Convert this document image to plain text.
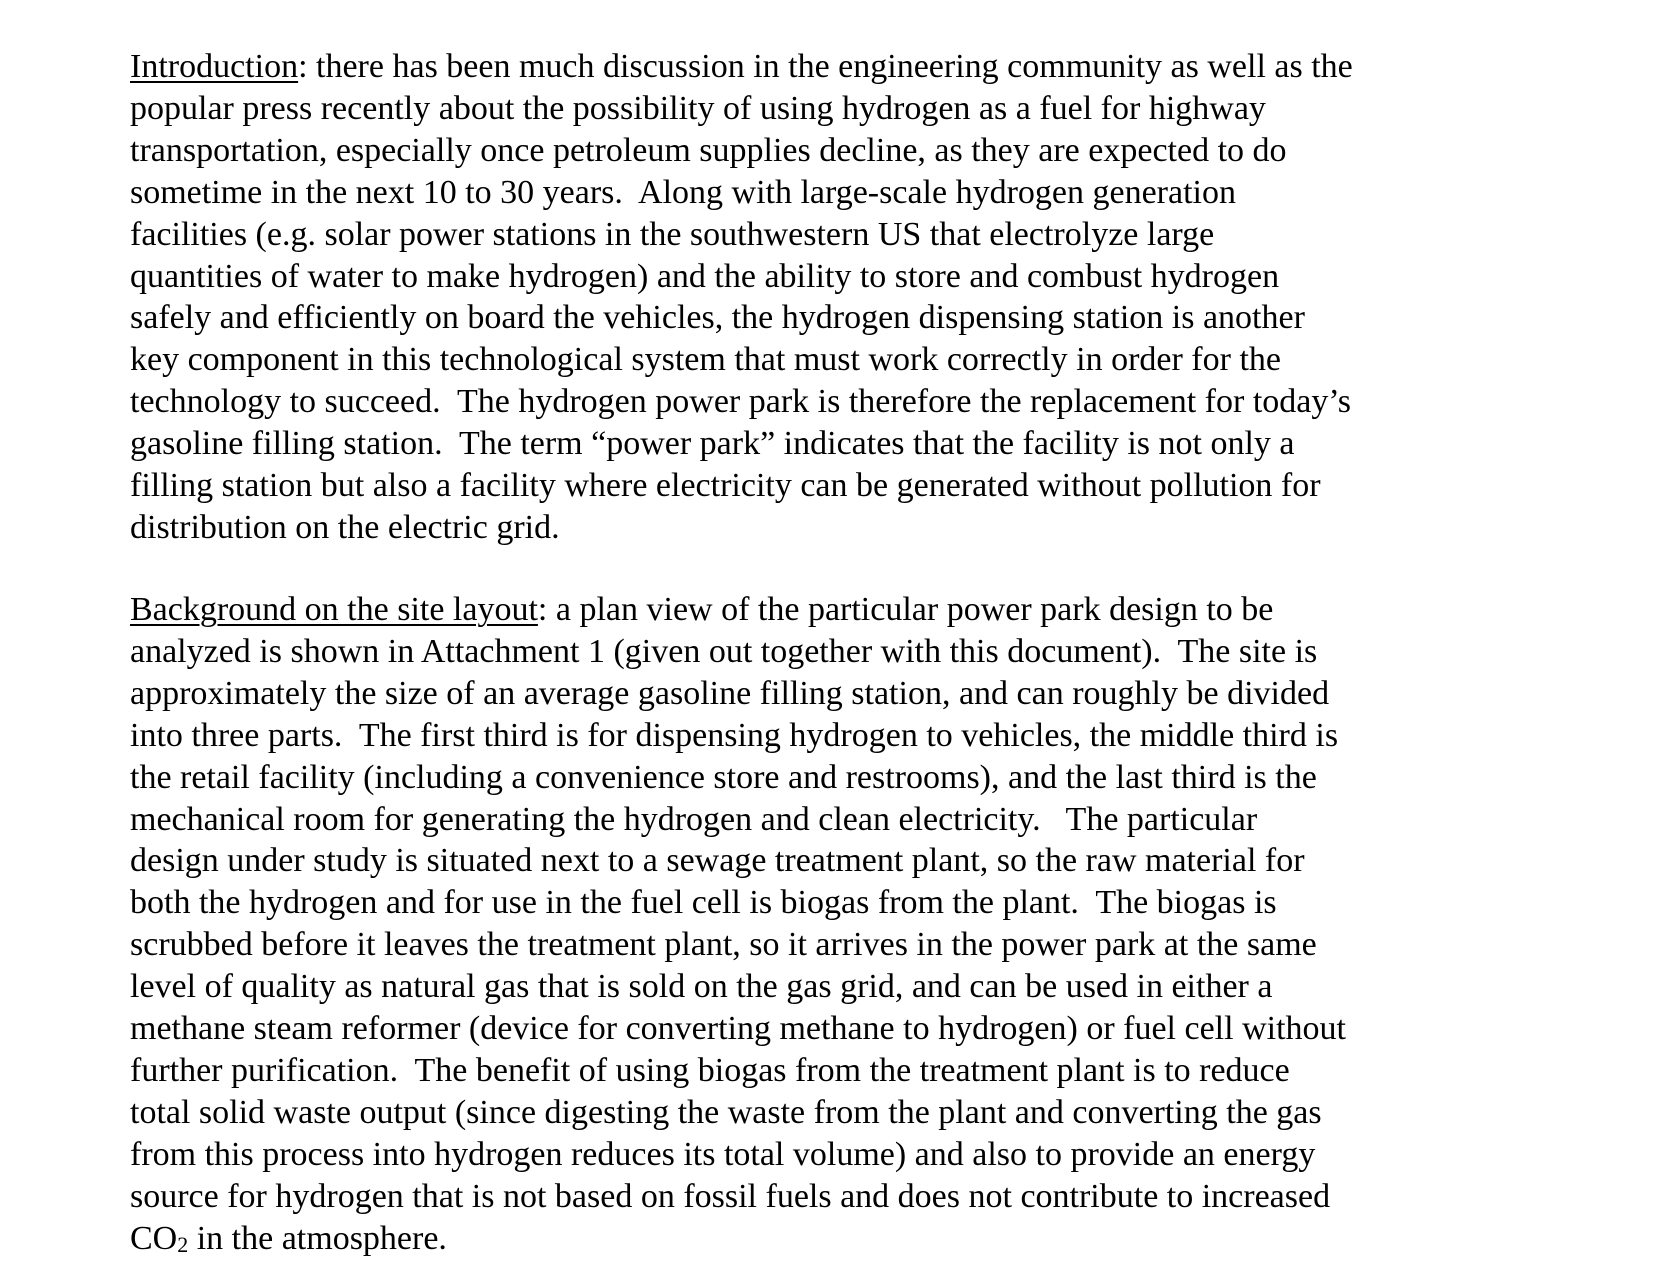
Introduction: there has been much discussion in the engineering community as well as the
popular press recently about the possibility of using hydrogen as a fuel for highway
transportation, especially once petroleum supplies decline, as they are expected to do
sometime in the next 10 to 30 years.  Along with large-scale hydrogen generation
facilities (e.g. solar power stations in the southwestern US that electrolyze large
quantities of water to make hydrogen) and the ability to store and combust hydrogen
safely and efficiently on board the vehicles, the hydrogen dispensing station is another
key component in this technological system that must work correctly in order for the
technology to succeed.  The hydrogen power park is therefore the replacement for today’s
gasoline filling station.  The term “power park” indicates that the facility is not only a
filling station but also a facility where electricity can be generated without pollution for
distribution on the electric grid.

Background on the site layout: a plan view of the particular power park design to be
analyzed is shown in Attachment 1 (given out together with this document).  The site is
approximately the size of an average gasoline filling station, and can roughly be divided
into three parts.  The first third is for dispensing hydrogen to vehicles, the middle third is
the retail facility (including a convenience store and restrooms), and the last third is the
mechanical room for generating the hydrogen and clean electricity.   The particular
design under study is situated next to a sewage treatment plant, so the raw material for
both the hydrogen and for use in the fuel cell is biogas from the plant.  The biogas is
scrubbed before it leaves the treatment plant, so it arrives in the power park at the same
level of quality as natural gas that is sold on the gas grid, and can be used in either a
methane steam reformer (device for converting methane to hydrogen) or fuel cell without
further purification.  The benefit of using biogas from the treatment plant is to reduce
total solid waste output (since digesting the waste from the plant and converting the gas
from this process into hydrogen reduces its total volume) and also to provide an energy
source for hydrogen that is not based on fossil fuels and does not contribute to increased
$CO_2$ in the atmosphere.
